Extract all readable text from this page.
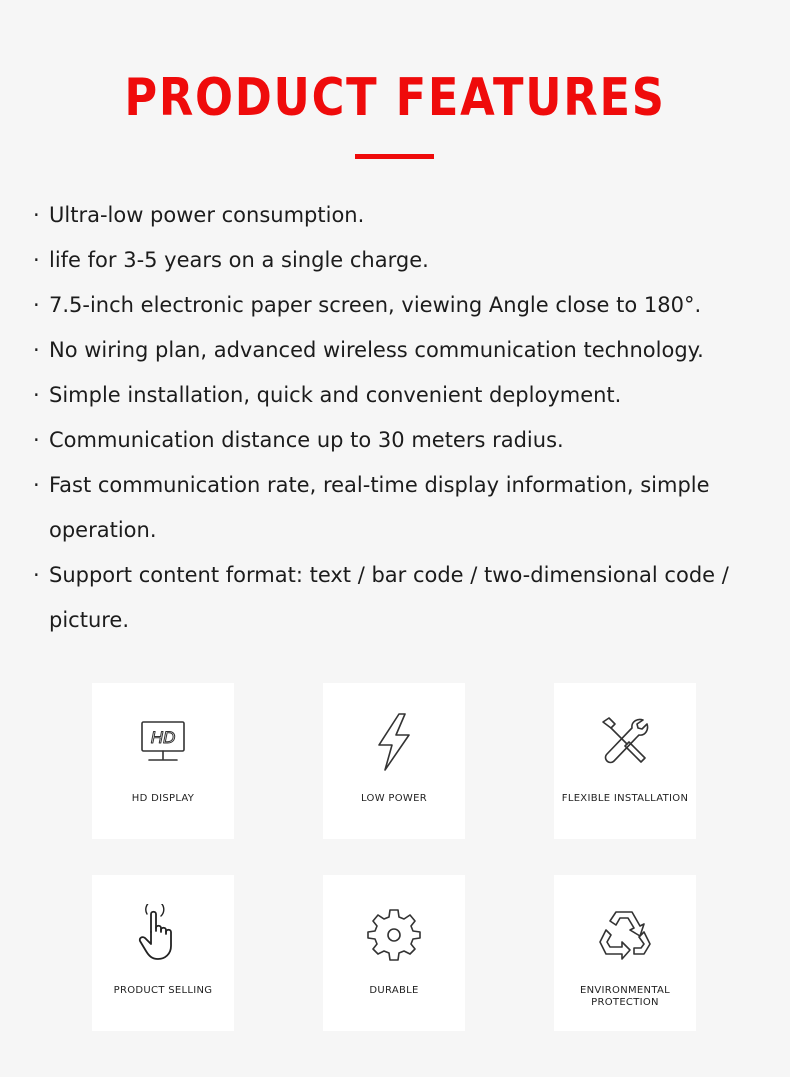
PRODUCT FEATURES
· Ultra-low power consumption.
· life for 3-5 years on a single charge.
· 7.5-inch electronic paper screen, viewing Angle close to 180°.
· No wiring plan, advanced wireless communication technology.
· Simple installation, quick and convenient deployment.
· Communication distance up to 30 meters radius.
· Fast communication rate, real-time display information, simple operation.
· Support content format: text / bar code / two-dimensional code / picture.
HD
HD DISPLAY	LOW POWER	FLEXIBLE INSTALLATION
PRODUCT SELLING	DURABLE	ENVIRONMENTAL
PROTECTION
